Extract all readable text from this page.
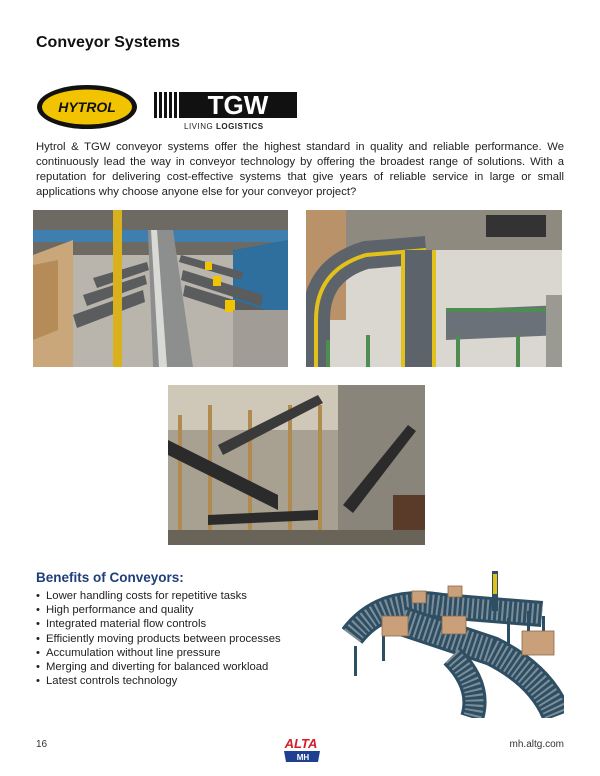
Conveyor Systems
HYTROL	TGW
LIVING LOGISTICS
Hytrol & TGW conveyor systems offer the highest standard in quality and reliable performance. We continuously lead the way in conveyor technology by offering the broadest range of solutions. With a reputation for delivering cost-effective systems that give years of reliable service in large or small applications why choose anyone else for your conveyor project?
Benefits of Conveyors:
• Lower handling costs for repetitive tasks
• High performance and quality
• Integrated material flow controls
• Efficiently moving products between processes
• Accumulation without line pressure
• Merging and diverting for balanced workload
• Latest controls technology
16	ALTA
MH
mh.altg.com
